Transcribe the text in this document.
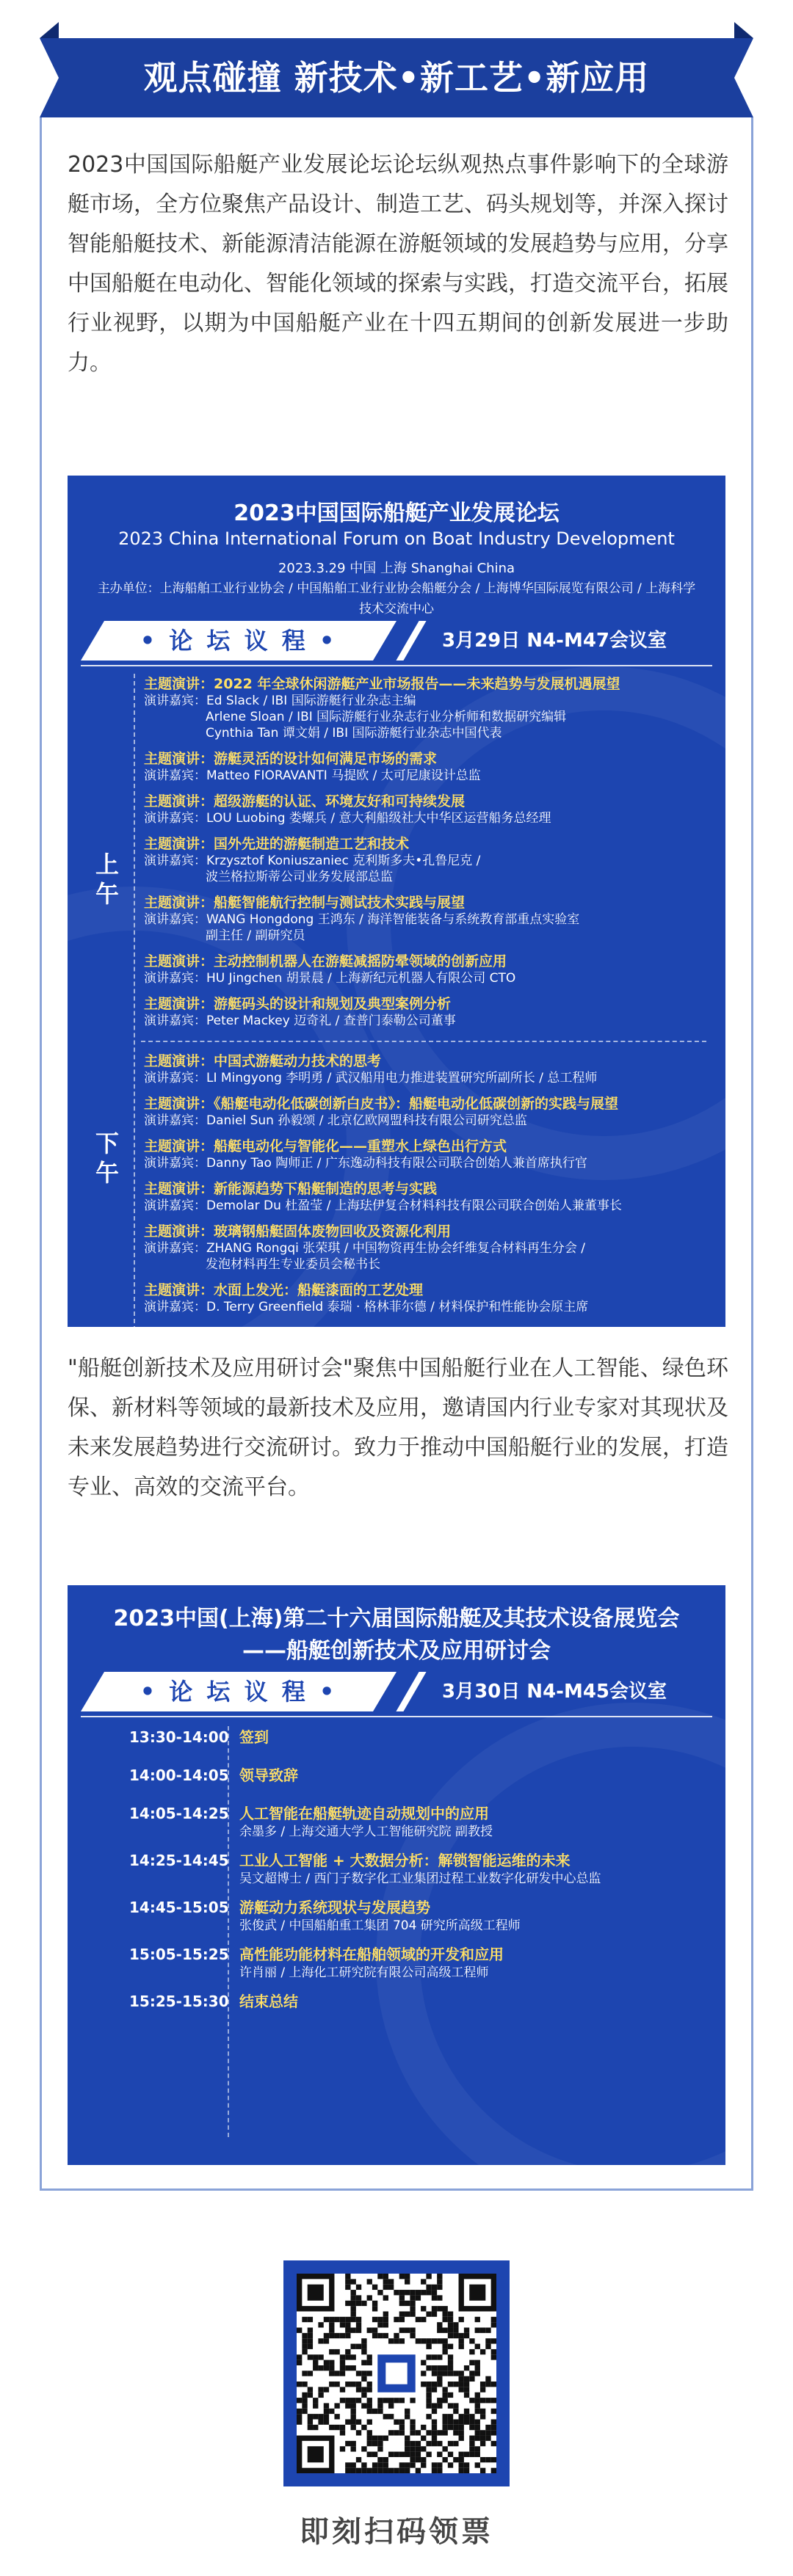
观点碰撞 新技术•新工艺•新应用
2023中国国际船艇产业发展论坛论坛纵观热点事件影响下的全球游艇市场，全方位聚焦产品设计、制造工艺、码头规划等，并深入探讨智能船艇技术、新能源清洁能源在游艇领域的发展趋势与应用，分享中国船艇在电动化、智能化领域的探索与实践，打造交流平台，拓展行业视野，以期为中国船艇产业在十四五期间的创新发展进一步助力。
2023中国国际船艇产业发展论坛
2023 China International Forum on Boat Industry Development
2023.3.29 中国 上海 Shanghai China
主办单位：上海船舶工业行业协会 / 中国船舶工业行业协会船艇分会 / 上海博华国际展览有限公司 / 上海科学技术交流中心
• 论 坛 议 程 •	3月29日 N4-M47会议室
上午
主题演讲：2022 年全球休闲游艇产业市场报告——未来趋势与发展机遇展望
演讲嘉宾：Ed Slack / IBI 国际游艇行业杂志主编
Arlene Sloan / IBI 国际游艇行业杂志行业分析师和数据研究编辑
Cynthia Tan 谭文娟 / IBI 国际游艇行业杂志中国代表
主题演讲：游艇灵活的设计如何满足市场的需求
演讲嘉宾：Matteo FIORAVANTI 马提欧 / 太可尼康设计总监
主题演讲：超级游艇的认证、环境友好和可持续发展
演讲嘉宾：LOU Luobing 娄螺兵 / 意大利船级社大中华区运营船务总经理
主题演讲：国外先进的游艇制造工艺和技术
演讲嘉宾：Krzysztof Koniuszaniec 克利斯多夫•孔鲁尼克 /
波兰格拉斯蒂公司业务发展部总监
主题演讲：船艇智能航行控制与测试技术实践与展望
演讲嘉宾：WANG Hongdong 王鸿东 / 海洋智能装备与系统教育部重点实验室
副主任 / 副研究员
主题演讲：主动控制机器人在游艇减摇防晕领域的创新应用
演讲嘉宾：HU Jingchen 胡景晨 / 上海新纪元机器人有限公司 CTO
主题演讲：游艇码头的设计和规划及典型案例分析
演讲嘉宾：Peter Mackey 迈奇礼 / 查普门泰勒公司董事
下午
主题演讲：中国式游艇动力技术的思考
演讲嘉宾：LI Mingyong 李明勇 / 武汉船用电力推进装置研究所副所长 / 总工程师
主题演讲：《船艇电动化低碳创新白皮书》：船艇电动化低碳创新的实践与展望
演讲嘉宾：Daniel Sun 孙毅颂 / 北京亿欧网盟科技有限公司研究总监
主题演讲：船艇电动化与智能化——重塑水上绿色出行方式
演讲嘉宾：Danny Tao 陶师正 / 广东逸动科技有限公司联合创始人兼首席执行官
主题演讲：新能源趋势下船艇制造的思考与实践
演讲嘉宾：Demolar Du 杜盈莹 / 上海珐伊复合材料科技有限公司联合创始人兼董事长
主题演讲：玻璃钢船艇固体废物回收及资源化利用
演讲嘉宾：ZHANG Rongqi 张荣琪 / 中国物资再生协会纤维复合材料再生分会 /
发泡材料再生专业委员会秘书长
主题演讲：水面上发光：船艇漆面的工艺处理
演讲嘉宾：D. Terry Greenfield 泰瑞 · 格林菲尔德 / 材料保护和性能协会原主席
"船艇创新技术及应用研讨会"聚焦中国船艇行业在人工智能、绿色环保、新材料等领域的最新技术及应用，邀请国内行业专家对其现状及未来发展趋势进行交流研讨。致力于推动中国船艇行业的发展，打造专业、高效的交流平台。
2023中国(上海)第二十六届国际船艇及其技术设备展览会
——船艇创新技术及应用研讨会
• 论 坛 议 程 •	3月30日 N4-M45会议室
13:30-14:00 签到
14:00-14:05 领导致辞
14:05-14:25 人工智能在船艇轨迹自动规划中的应用
余墨多 / 上海交通大学人工智能研究院 副教授
14:25-14:45 工业人工智能 + 大数据分析：解锁智能运维的未来
吴文超博士 / 西门子数字化工业集团过程工业数字化研发中心总监
14:45-15:05 游艇动力系统现状与发展趋势
张俊武 / 中国船舶重工集团 704 研究所高级工程师
15:05-15:25 高性能功能材料在船舶领域的开发和应用
许肖丽 / 上海化工研究院有限公司高级工程师
15:25-15:30 结束总结
即刻扫码领票
